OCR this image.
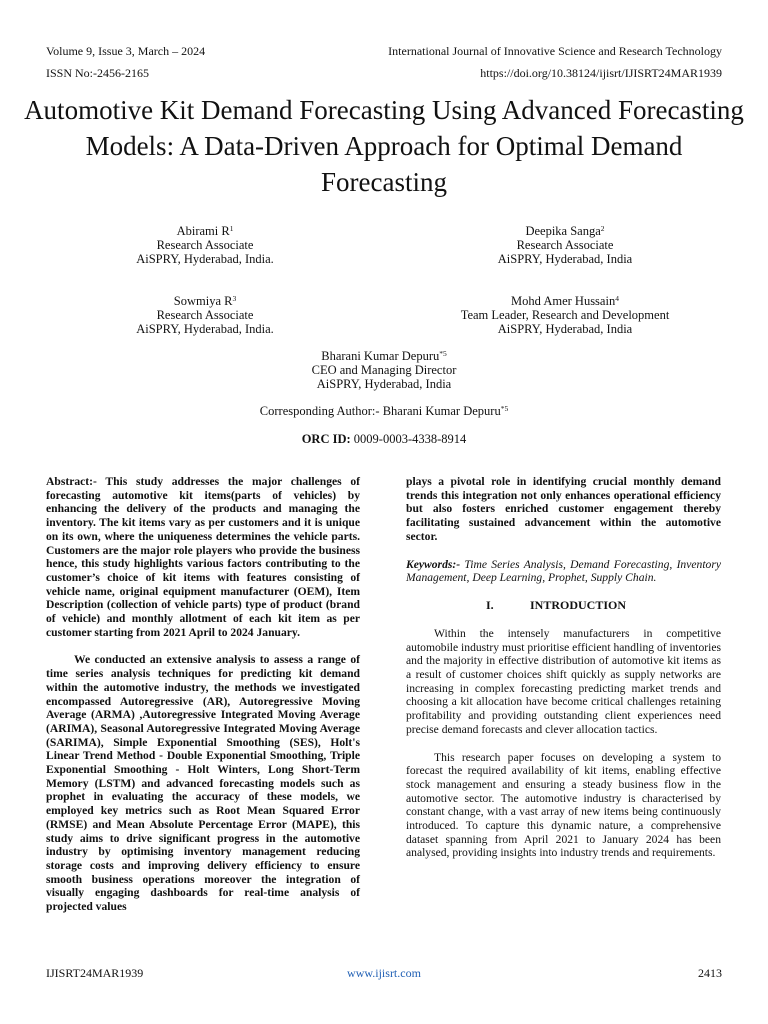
Volume 9, Issue 3, March – 2024	International Journal of Innovative Science and Research Technology
ISSN No:-2456-2165	https://doi.org/10.38124/ijisrt/IJISRT24MAR1939
Automotive Kit Demand Forecasting Using Advanced Forecasting Models: A Data-Driven Approach for Optimal Demand Forecasting
Abirami $R^1$
Research Associate
AiSPRY, Hyderabad, India.
Deepika Sanga$^2$
Research Associate
AiSPRY, Hyderabad, India
Sowmiya $R^3$
Research Associate
AiSPRY, Hyderabad, India.
Mohd Amer Hussain$^4$
Team Leader, Research and Development
AiSPRY, Hyderabad, India
Bharani Kumar Depuru$^{*5}$
CEO and Managing Director
AiSPRY, Hyderabad, India
Corresponding Author:- Bharani Kumar Depuru$^{*5}$
ORC ID: 0009-0003-4338-8914

Abstract:- This study addresses the major challenges of forecasting automotive kit items(parts of vehicles) by enhancing the delivery of the products and managing the inventory. The kit items vary as per customers and it is unique on its own, where the uniqueness determines the vehicle parts. Customers are the major role players who provide the business hence, this study highlights various factors contributing to the customer’s choice of kit items with features consisting of vehicle name, original equipment manufacturer (OEM), Item Description (collection of vehicle parts) type of product (brand of vehicle) and monthly allotment of each kit item as per customer starting from 2021 April to 2024 January.

We conducted an extensive analysis to assess a range of time series analysis techniques for predicting kit demand within the automotive industry, the methods we investigated encompassed Autoregressive (AR), Autoregressive Moving Average (ARMA) ,Autoregressive Integrated Moving Average (ARIMA), Seasonal Autoregressive Integrated Moving Average (SARIMA), Simple Exponential Smoothing (SES), Holt's Linear Trend Method - Double Exponential Smoothing, Triple Exponential Smoothing - Holt Winters, Long Short-Term Memory (LSTM) and advanced forecasting models such as prophet in evaluating the accuracy of these models, we employed key metrics such as Root Mean Squared Error (RMSE) and Mean Absolute Percentage Error (MAPE), this study aims to drive significant progress in the automotive industry by optimising inventory management reducing storage costs and improving delivery efficiency to ensure smooth business operations moreover the integration of visually engaging dashboards for real-time analysis of projected values

plays a pivotal role in identifying crucial monthly demand trends this integration not only enhances operational efficiency but also fosters enriched customer engagement thereby facilitating sustained advancement within the automotive sector.

Keywords:- Time Series Analysis, Demand Forecasting, Inventory Management, Deep Learning, Prophet, Supply Chain.

I.	INTRODUCTION

Within the intensely manufacturers in competitive automobile industry must prioritise efficient handling of inventories and the majority in effective distribution of automotive kit items as a result of customer choices shift quickly as supply networks are increasing in complex forecasting predicting market trends and choosing a kit allocation have become critical challenges retaining profitability and providing outstanding client experiences need precise demand forecasts and clever allocation tactics.

This research paper focuses on developing a system to forecast the required availability of kit items, enabling effective stock management and ensuring a steady business flow in the automotive sector. The automotive industry is characterised by constant change, with a vast array of new items being continuously introduced. To capture this dynamic nature, a comprehensive dataset spanning from April 2021 to January 2024 has been analysed, providing insights into industry trends and requirements.

IJISRT24MAR1939	www.ijisrt.com	2413
